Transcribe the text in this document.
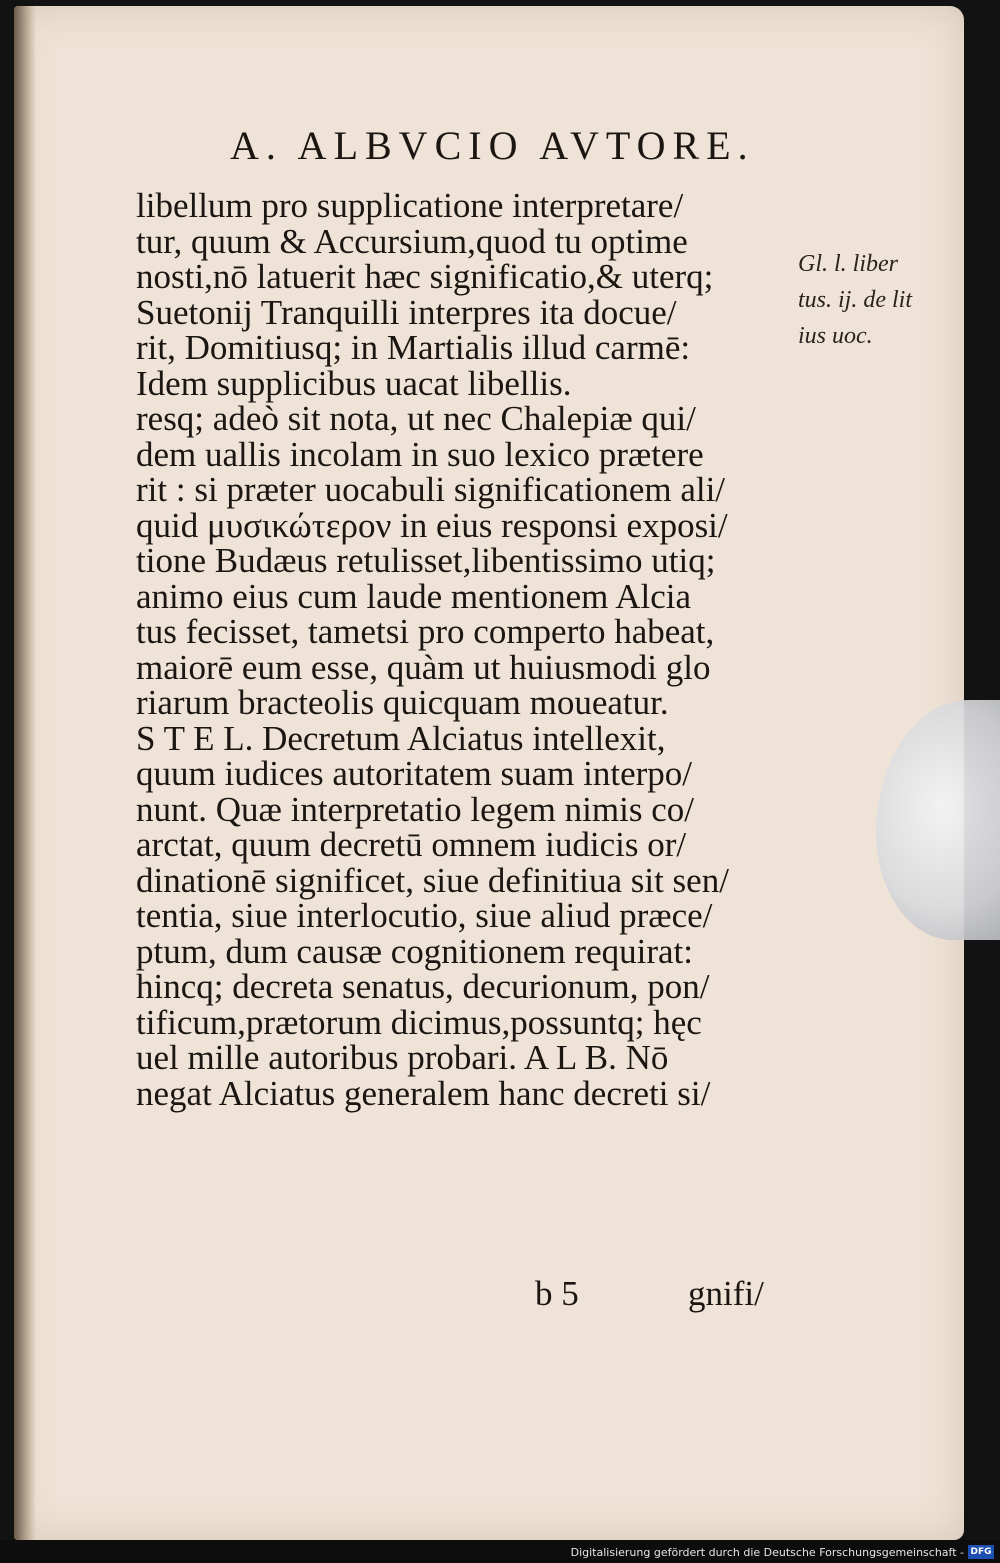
A. ALBVCIO AVTORE.
libellum pro supplicatione interpretare/
tur, quum & Accursium,quod tu optime
nosti,nō latuerit hæc significatio,& uterq;
Suetonij Tranquilli interpres ita docue/
rit, Domitiusq; in Martialis illud carmē:
Idem supplicibus uacat libellis.
resq; adeò sit nota, ut nec Chalepiæ qui/
dem uallis incolam in suo lexico prætere
rit : si præter uocabuli significationem ali/
quid μυσικώτερον in eius responsi exposi/
tione Budæus retulisset,libentissimo utiq;
animo eius cum laude mentionem Alcia
tus fecisset, tametsi pro comperto habeat,
maiorē eum esse, quàm ut huiusmodi glo
riarum bracteolis quicquam moueatur.
S T E L. Decretum Alciatus intellexit,
quum iudices autoritatem suam interpo/
nunt. Quæ interpretatio legem nimis co/
arctat, quum decretū omnem iudicis or/
dinationē significet, siue definitiua sit sen/
tentia, siue interlocutio, siue aliud præce/
ptum, dum causæ cognitionem requirat:
hincq; decreta senatus, decurionum, pon/
tificum,prætorum dicimus,possuntq; hęc
uel mille autoribus probari. A L B. Nō
negat Alciatus generalem hanc decreti si/
b 5	gnifi/
Gl. l. liber
tus. ij. de lit
ius uoc.
Digitalisierung gefördert durch die Deutsche Forschungsgemeinschaft - DFG
